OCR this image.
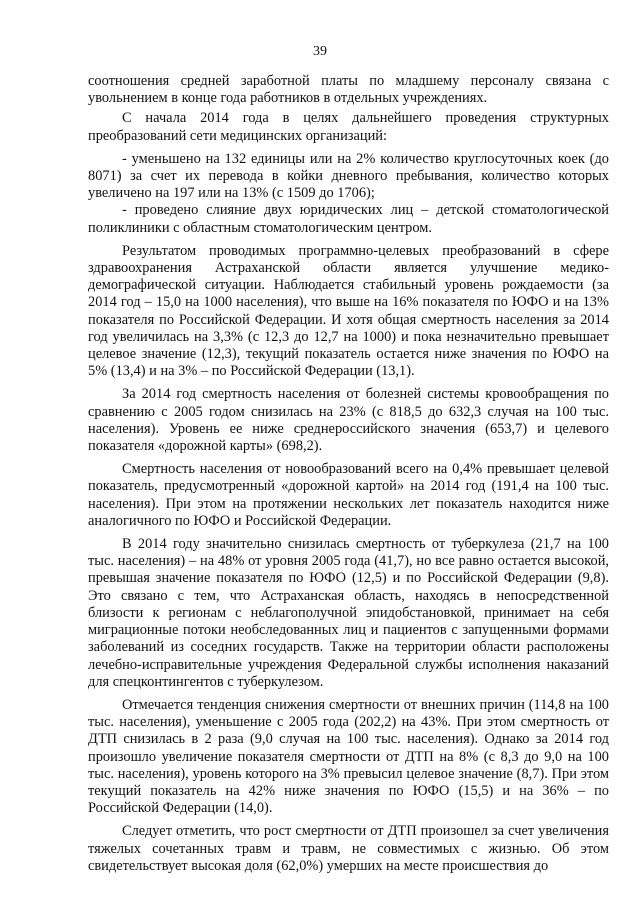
39

соотношения средней заработной платы по младшему персоналу связана с увольнением в конце года работников в отдельных учреждениях.

С начала 2014 года в целях дальнейшего проведения структурных преобразований сети медицинских организаций:

- уменьшено на 132 единицы или на 2% количество круглосуточных коек (до 8071) за счет их перевода в койки дневного пребывания, количество которых увеличено на 197 или на 13% (с 1509 до 1706);

- проведено слияние двух юридических лиц – детской стоматологической поликлиники с областным стоматологическим центром.

Результатом проводимых программно-целевых преобразований в сфере здравоохранения Астраханской области является улучшение медико-демографической ситуации. Наблюдается стабильный уровень рождаемости (за 2014 год – 15,0 на 1000 населения), что выше на 16% показателя по ЮФО и на 13% показателя по Российской Федерации. И хотя общая смертность населения за 2014 год увеличилась на 3,3% (с 12,3 до 12,7 на 1000) и пока незначительно превышает целевое значение (12,3), текущий показатель остается ниже значения по ЮФО на 5% (13,4) и на 3% – по Российской Федерации (13,1).

За 2014 год смертность населения от болезней системы кровообращения по сравнению с 2005 годом снизилась на 23% (с 818,5 до 632,3 случая на 100 тыс. населения). Уровень ее ниже среднероссийского значения (653,7) и целевого показателя «дорожной карты» (698,2).

Смертность населения от новообразований всего на 0,4% превышает целевой показатель, предусмотренный «дорожной картой» на 2014 год (191,4 на 100 тыс. населения). При этом на протяжении нескольких лет показатель находится ниже аналогичного по ЮФО и Российской Федерации.

В 2014 году значительно снизилась смертность от туберкулеза (21,7 на 100 тыс. населения) – на 48% от уровня 2005 года (41,7), но все равно остается высокой, превышая значение показателя по ЮФО (12,5) и по Российской Федерации (9,8). Это связано с тем, что Астраханская область, находясь в непосредственной близости к регионам с неблагополучной эпидобстановкой, принимает на себя миграционные потоки необследованных лиц и пациентов с запущенными формами заболеваний из соседних государств. Также на территории области расположены лечебно-исправительные учреждения Федеральной службы исполнения наказаний для спецконтингентов с туберкулезом.

Отмечается тенденция снижения смертности от внешних причин (114,8 на 100 тыс. населения), уменьшение с 2005 года (202,2) на 43%. При этом смертность от ДТП снизилась в 2 раза (9,0 случая на 100 тыс. населения). Однако за 2014 год произошло увеличение показателя смертности от ДТП на 8% (с 8,3 до 9,0 на 100 тыс. населения), уровень которого на 3% превысил целевое значение (8,7). При этом текущий показатель на 42% ниже значения по ЮФО (15,5) и на 36% – по Российской Федерации (14,0).

Следует отметить, что рост смертности от ДТП произошел за счет увеличения тяжелых сочетанных травм и травм, не совместимых с жизнью. Об этом свидетельствует высокая доля (62,0%) умерших на месте происшествия до
